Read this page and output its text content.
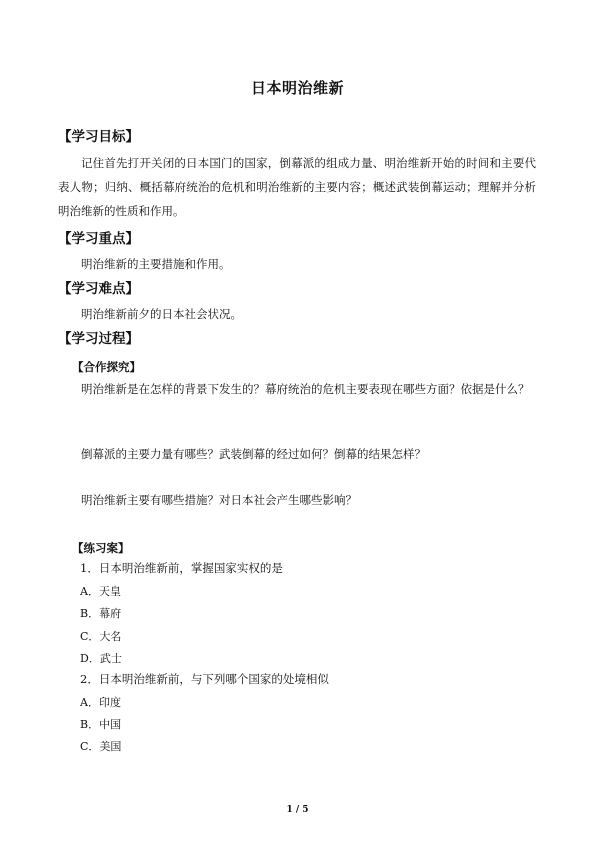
日本明治维新
【学习目标】
记住首先打开关闭的日本国门的国家，倒幕派的组成力量、明治维新开始的时间和主要代表人物；归纳、概括幕府统治的危机和明治维新的主要内容；概述武装倒幕运动；理解并分析明治维新的性质和作用。
【学习重点】
明治维新的主要措施和作用。
【学习难点】
明治维新前夕的日本社会状况。
【学习过程】
【合作探究】
明治维新是在怎样的背景下发生的？幕府统治的危机主要表现在哪些方面？依据是什么？
倒幕派的主要力量有哪些？武装倒幕的经过如何？倒幕的结果怎样？
明治维新主要有哪些措施？对日本社会产生哪些影响？
【练习案】
1．日本明治维新前，掌握国家实权的是
A．天皇
B．幕府
C．大名
D．武士
2．日本明治维新前，与下列哪个国家的处境相似
A．印度
B．中国
C．美国
1 / 5
